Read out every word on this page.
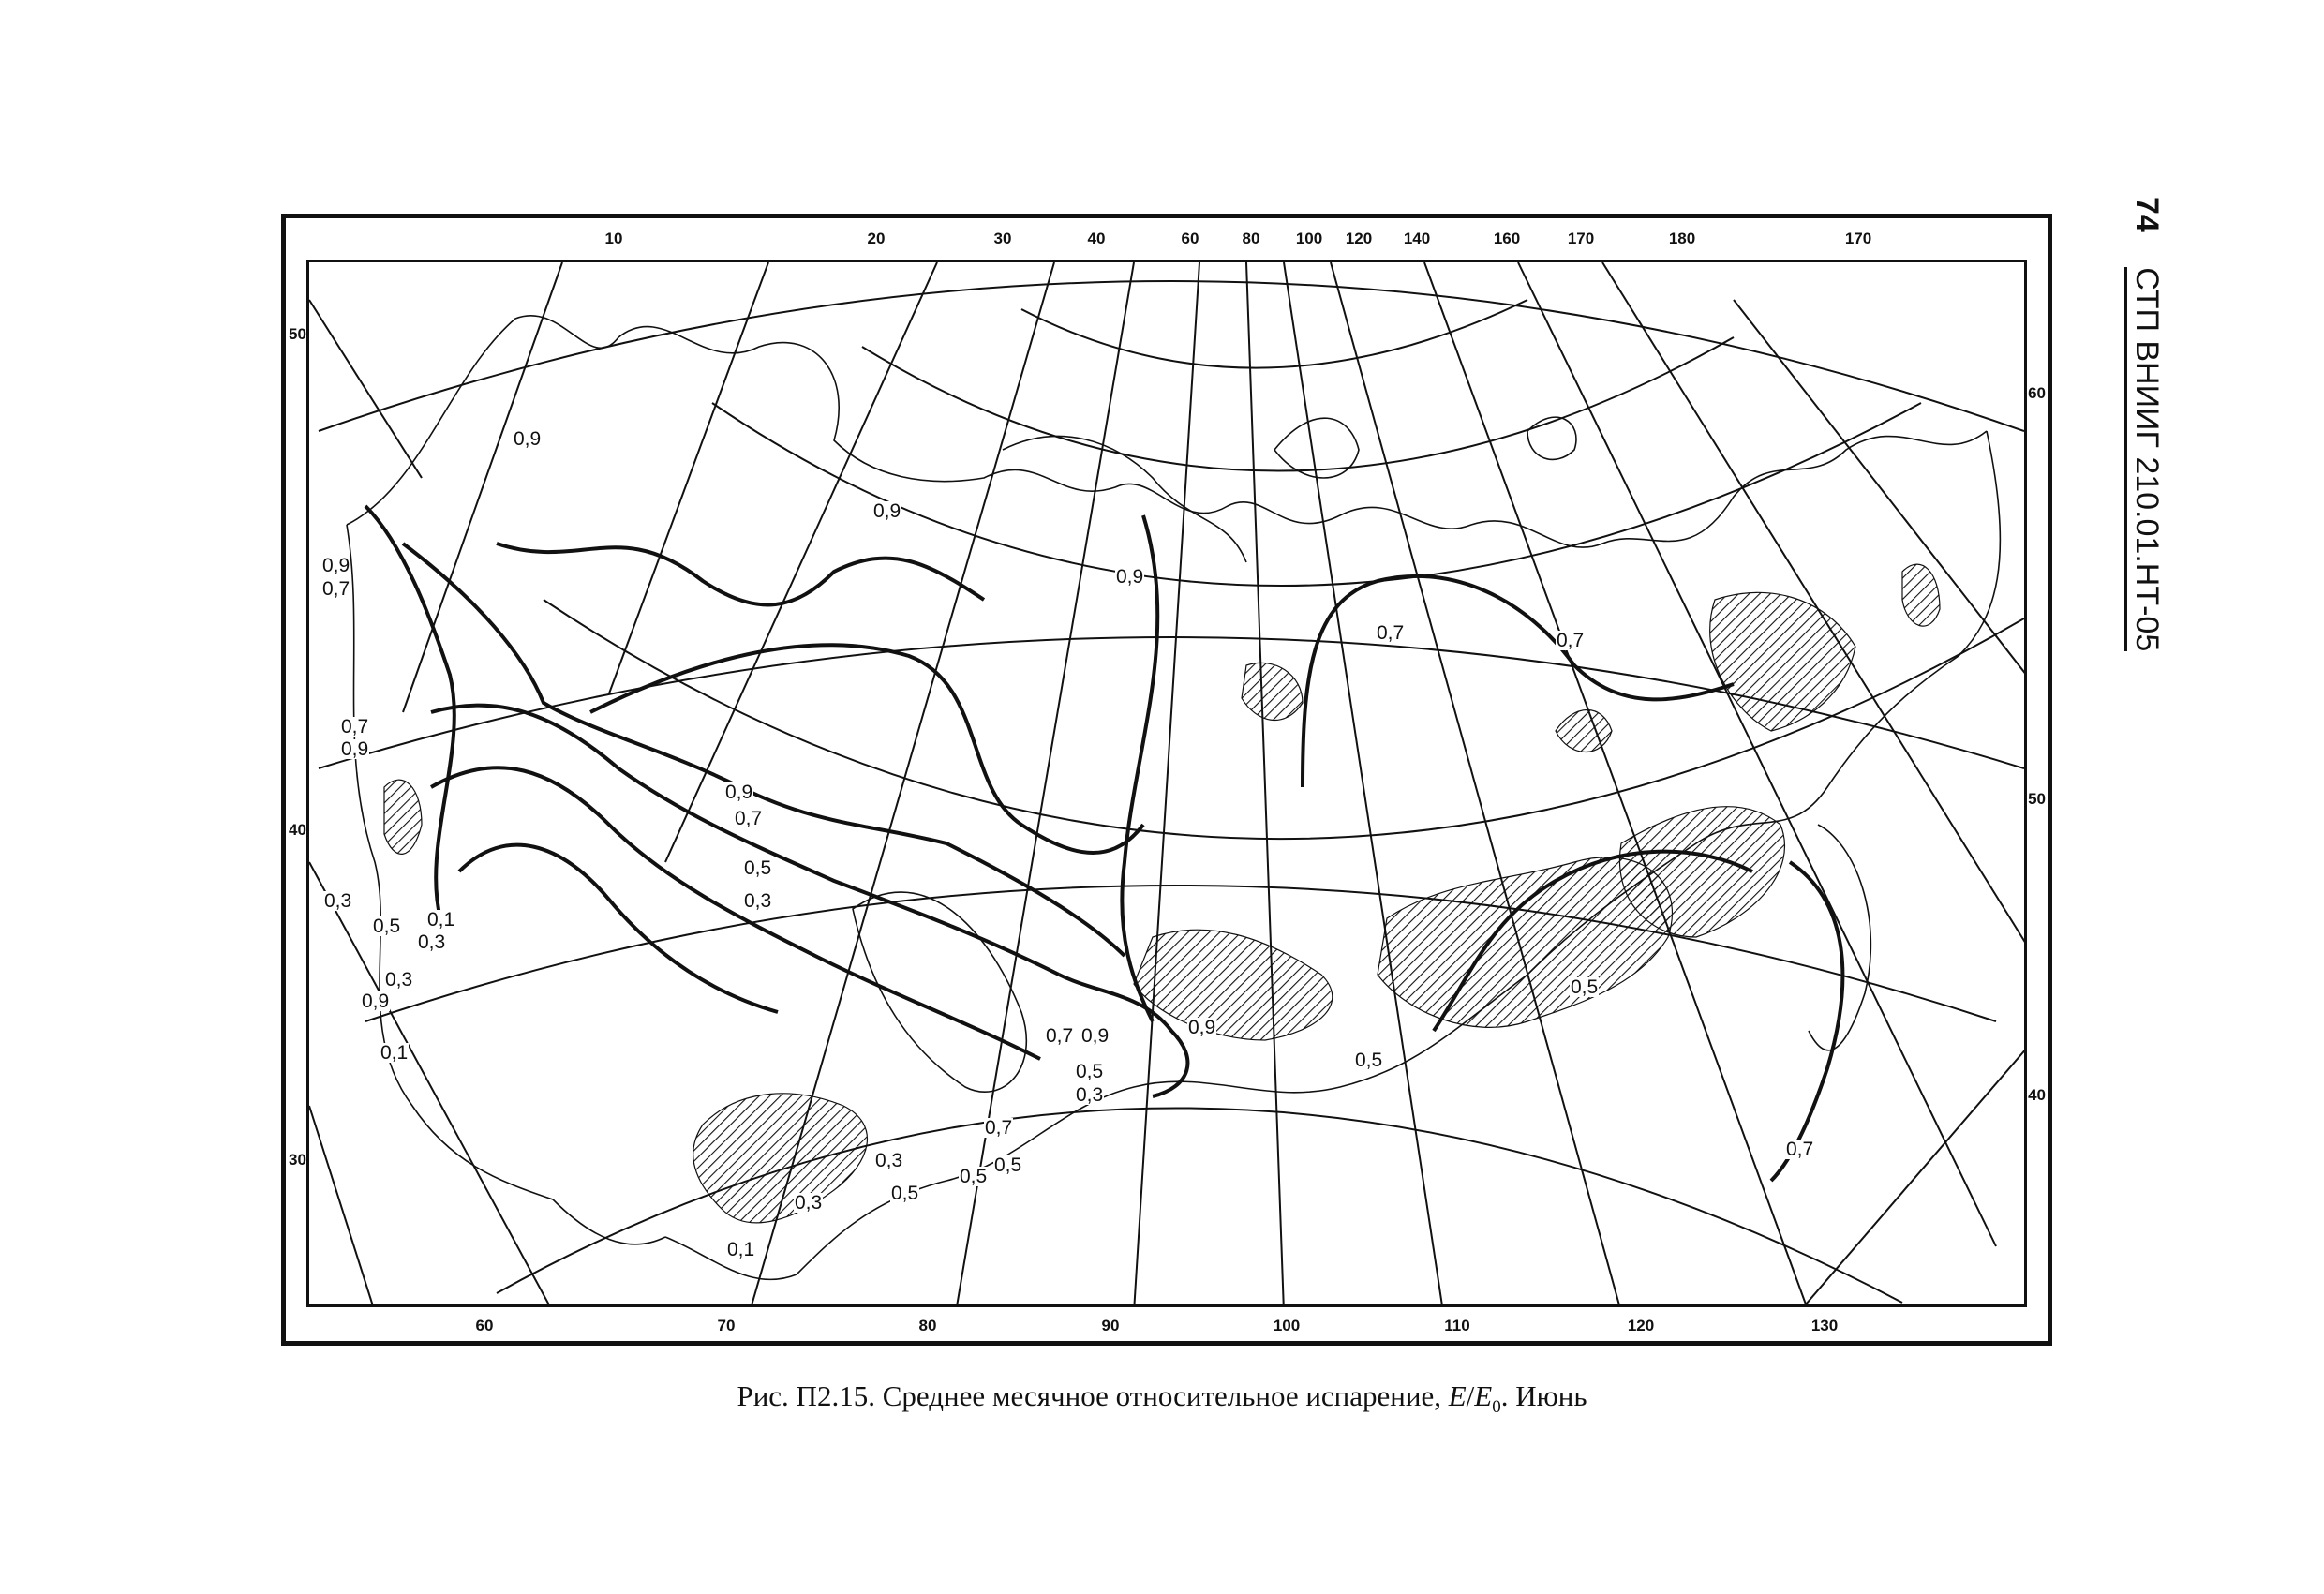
10	20	30	40	60	80 100 120 140	160	170	180	170
60	70	80	90	100	110	120	130
50
40
30
60
50
40
0,9
0,9
0,9
0,9
0,7
0,7
0,7
0,9
0,9
0,7
0,5
0,3	0,3
0,5
0,3
0,1
0,3
0,9
0,1
0,7 0,9	0,9
0,5
0,3
0,7
0,5
0,5
0,5
0,3
0,5
0,5
0,3
0,1
0,7
0,7
Рис. П2.15. Среднее месячное относительное испарение, $E/E_0$. Июнь
74 СТП ВНИИГ 210.01.НТ-05
